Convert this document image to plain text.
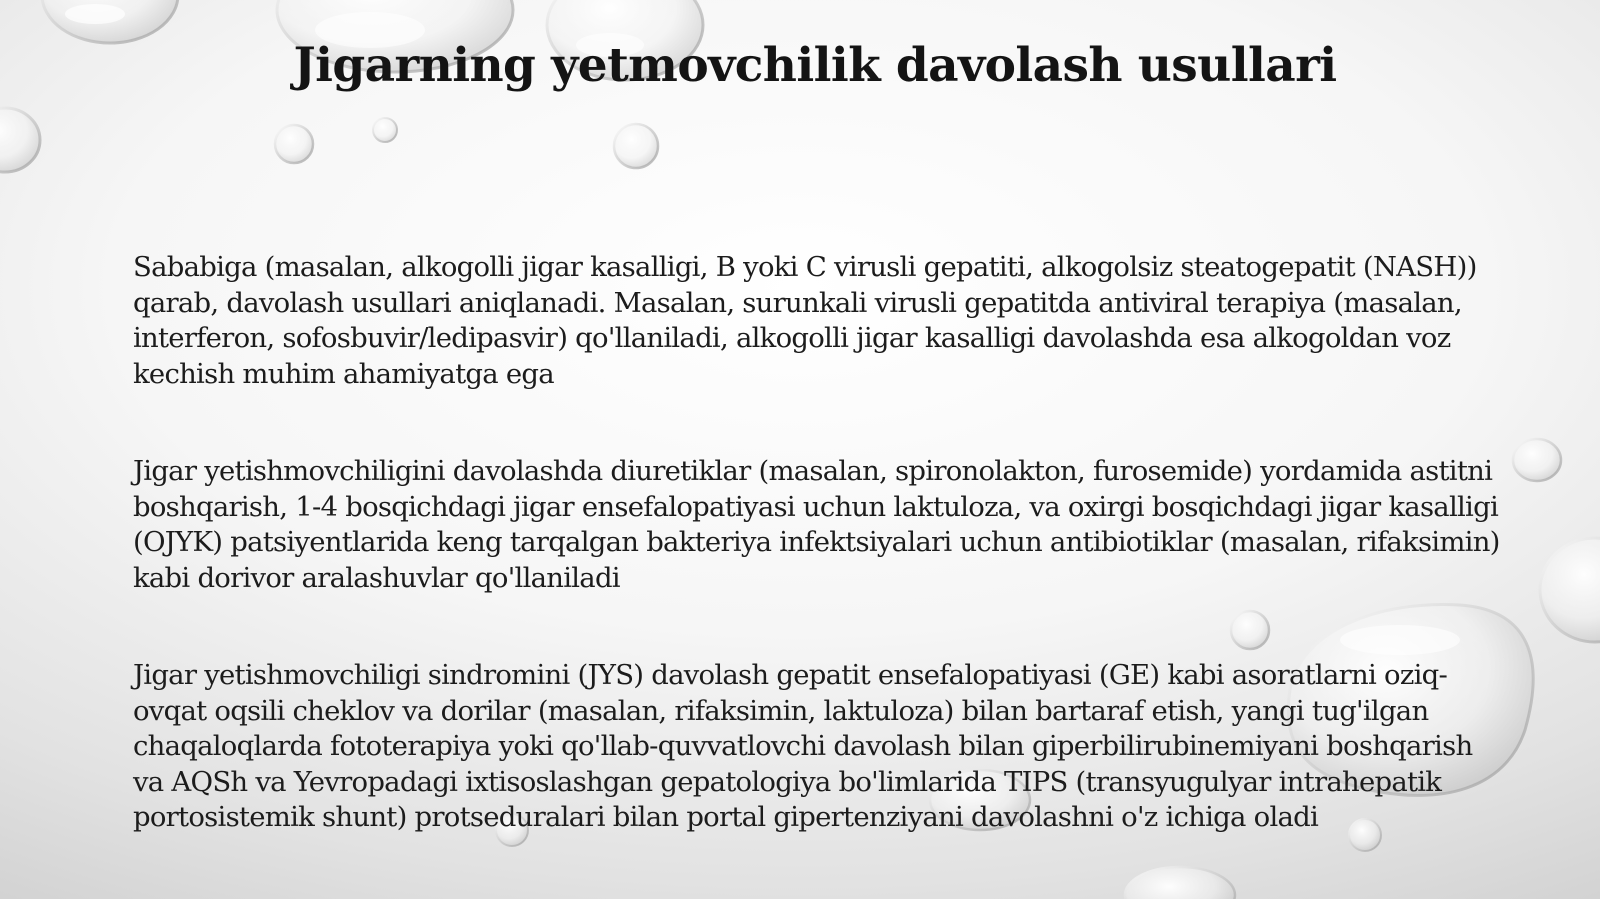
Jigarning yetmovchilik davolash usullari

Sababiga (masalan, alkogolli jigar kasalligi, B yoki C virusli gepatiti, alkogolsiz steatogepatit (NASH)) qarab, davolash usullari aniqlanadi. Masalan, surunkali virusli gepatitda antiviral terapiya (masalan, interferon, sofosbuvir/ledipasvir) qo'llaniladi, alkogolli jigar kasalligi davolashda esa alkogoldan voz kechish muhim ahamiyatga ega

Jigar yetishmovchiligini davolashda diuretiklar (masalan, spironolakton, furosemide) yordamida astitni boshqarish, 1-4 bosqichdagi jigar ensefalopatiyasi uchun laktuloza, va oxirgi bosqichdagi jigar kasalligi (OJYK) patsiyentlarida keng tarqalgan bakteriya infektsiyalari uchun antibiotiklar (masalan, rifaksimin) kabi dorivor aralashuvlar qo'llaniladi

Jigar yetishmovchiligi sindromini (JYS) davolash gepatit ensefalopatiyasi (GE) kabi asoratlarni oziq-ovqat oqsili cheklov va dorilar (masalan, rifaksimin, laktuloza) bilan bartaraf etish, yangi tug'ilgan chaqaloqlarda fototerapiya yoki qo'llab-quvvatlovchi davolash bilan giperbilirubinemiyani boshqarish va AQSh va Yevropadagi ixtisoslashgan gepatologiya bo'limlarida TIPS (transyugulyar intrahepatik portosistemik shunt) protseduralari bilan portal gipertenziyani davolashni o'z ichiga oladi
